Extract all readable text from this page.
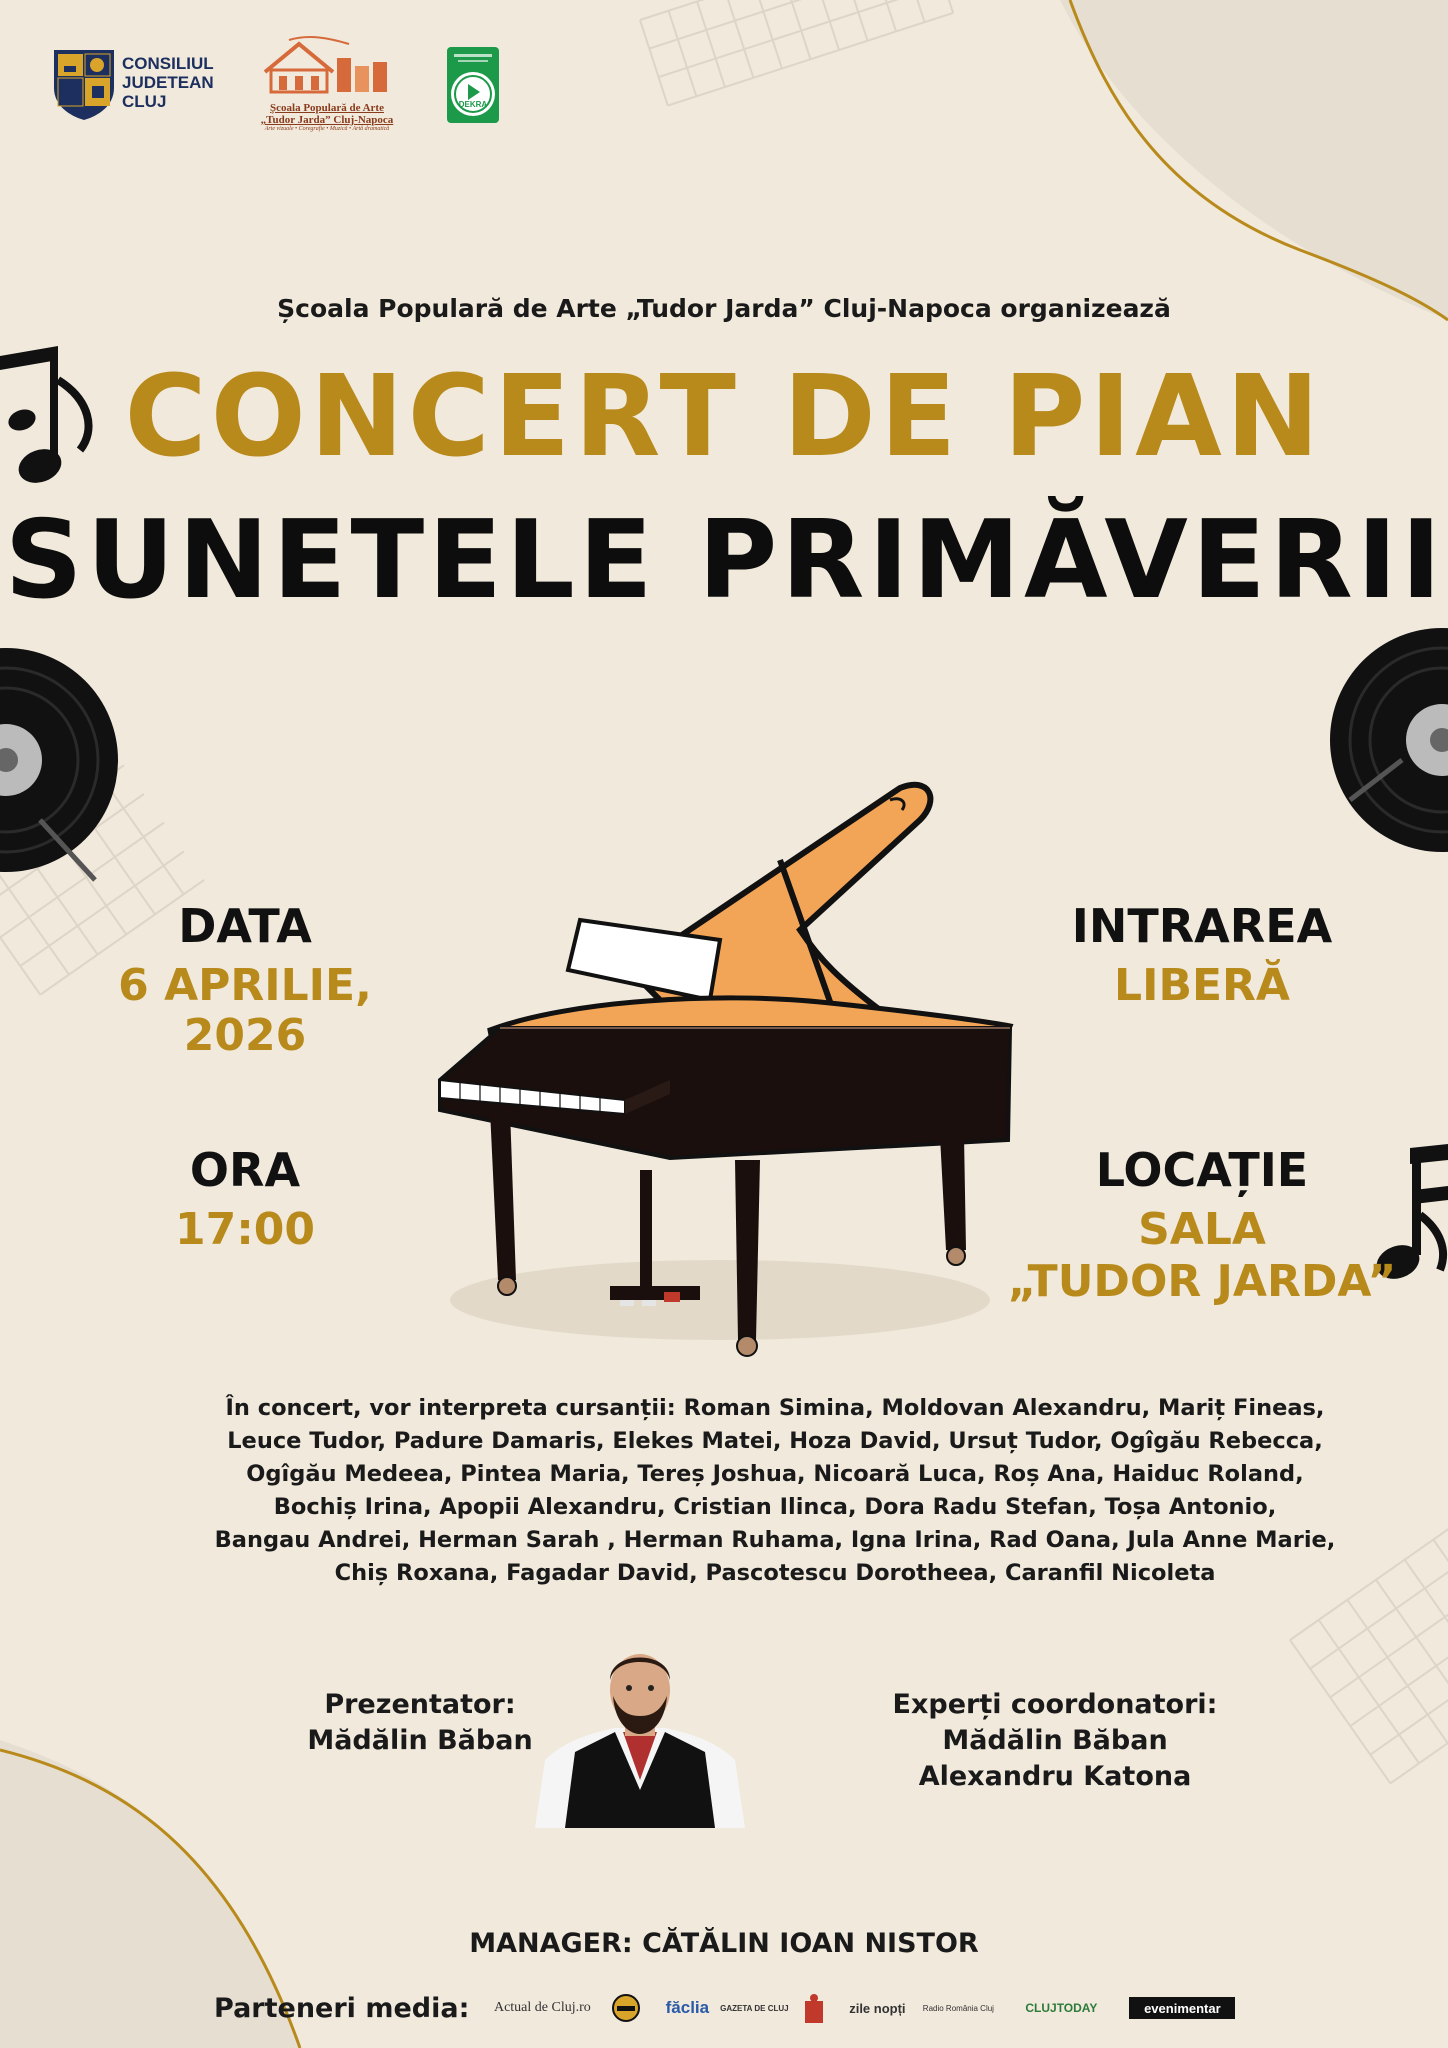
CONSILIUL
JUDETEAN
CLUJ	Școala Populară de Arte
„Tudor Jarda” Cluj-Napoca
Arte vizuale • Coregrafie • Muzică • Artă dramatică
DEKRA
Școala Populară de Arte „Tudor Jarda” Cluj-Napoca organizează
CONCERT DE PIAN
SUNETELE PRIMĂVERII
DATA
6 APRILIE,
2026
ORA
17:00
INTRAREA
LIBERĂ
LOCAȚIE
SALA
„TUDOR JARDA”
În concert, vor interpreta cursanții: Roman Simina, Moldovan Alexandru, Mariț Fineas,
Leuce Tudor, Padure Damaris, Elekes Matei, Hoza David, Ursuț Tudor, Ogîgău Rebecca,
Ogîgău Medeea, Pintea Maria, Tereș Joshua, Nicoară Luca, Roș Ana, Haiduc Roland,
Bochiș Irina, Apopii Alexandru, Cristian Ilinca, Dora Radu Stefan, Toșa Antonio,
Bangau Andrei, Herman Sarah , Herman Ruhama, Igna Irina, Rad Oana, Jula Anne Marie,
Chiș Roxana, Fagadar David, Pascotescu Dorotheea, Caranfil Nicoleta
Prezentator:
Mădălin Băban
Experți coordonatori:
Mădălin Băban
Alexandru Katona
MANAGER: CĂTĂLIN IOAN NISTOR
Parteneri media:	Actual de Cluj.ro	făclia	GAZETA DE CLUJ	zile nopți	Radio România Cluj	CLUJTODAY	evenimentar
